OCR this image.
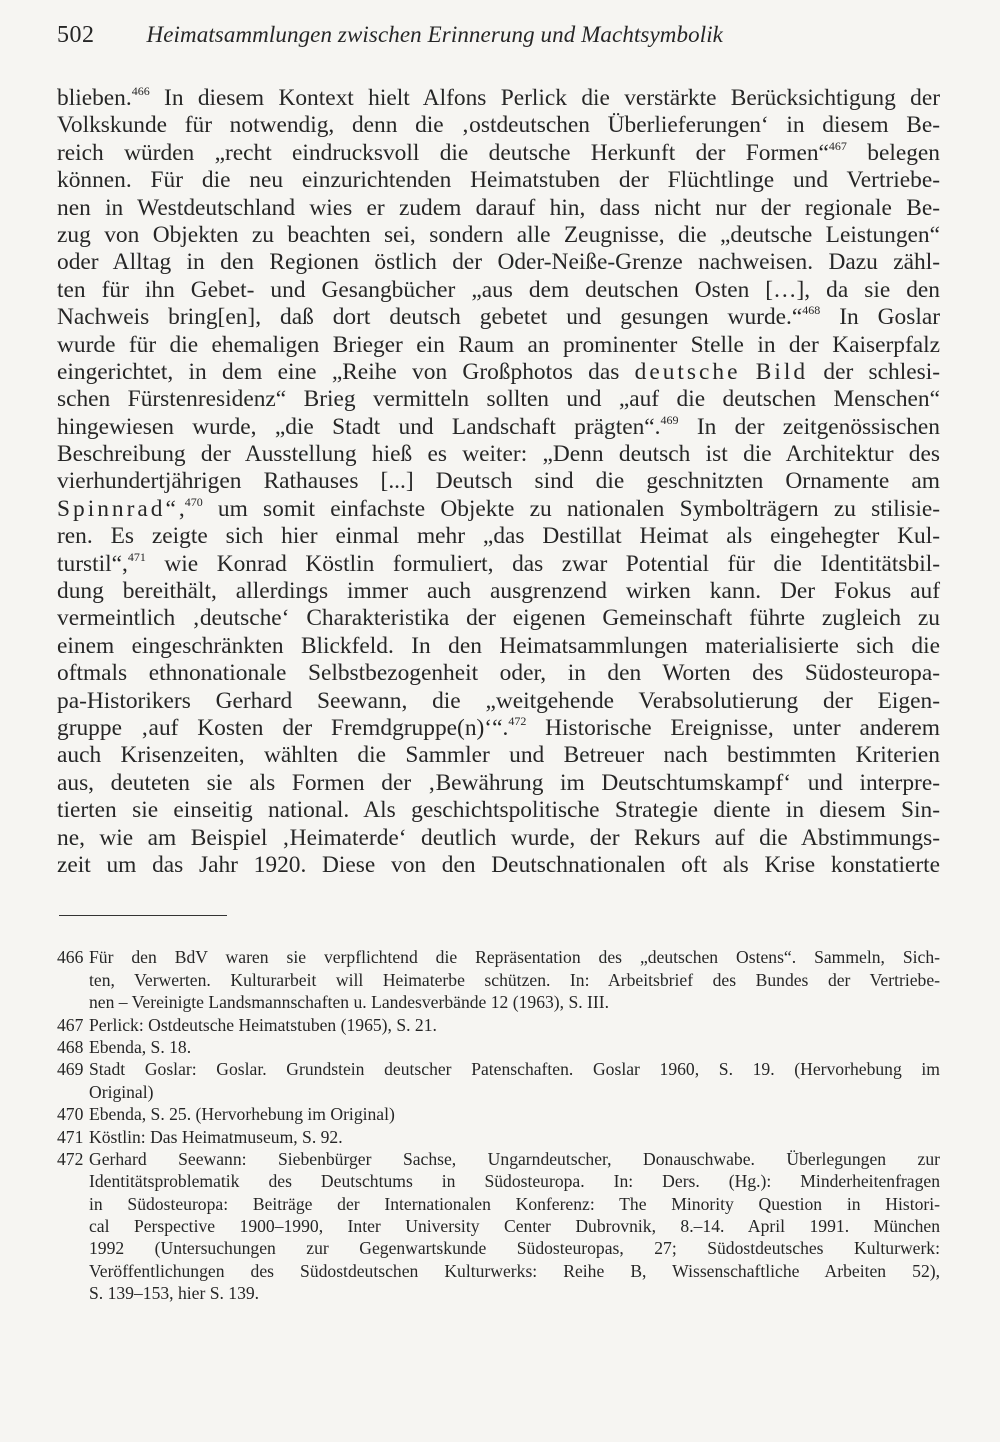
502 Heimatsammlungen zwischen Erinnerung und Machtsymbolik
blieben.$^{466}$ In diesem Kontext hielt Alfons Perlick die verstärkte Berücksichtigung der
Volkskunde für notwendig, denn die ‚ostdeutschen Überlieferungen‘ in diesem Be-
reich würden „recht eindrucksvoll die deutsche Herkunft der Formen“$^{467}$ belegen
können. Für die neu einzurichtenden Heimatstuben der Flüchtlinge und Vertriebe-
nen in Westdeutschland wies er zudem darauf hin, dass nicht nur der regionale Be-
zug von Objekten zu beachten sei, sondern alle Zeugnisse, die „deutsche Leistungen“
oder Alltag in den Regionen östlich der Oder-Neiße-Grenze nachweisen. Dazu zähl-
ten für ihn Gebet- und Gesangbücher „aus dem deutschen Osten […], da sie den
Nachweis bring[en], daß dort deutsch gebetet und gesungen wurde.“$^{468}$ In Goslar
wurde für die ehemaligen Brieger ein Raum an prominenter Stelle in der Kaiserpfalz
eingerichtet, in dem eine „Reihe von Großphotos das deutsche Bild der schlesi-
schen Fürstenresidenz“ Brieg vermitteln sollten und „auf die deutschen Menschen“
hingewiesen wurde, „die Stadt und Landschaft prägten“.$^{469}$ In der zeitgenössischen
Beschreibung der Ausstellung hieß es weiter: „Denn deutsch ist die Architektur des
vierhundertjährigen Rathauses [...] Deutsch sind die geschnitzten Ornamente am
Spinnrad“,$^{470}$ um somit einfachste Objekte zu nationalen Symbolträgern zu stilisie-
ren. Es zeigte sich hier einmal mehr „das Destillat Heimat als eingehegter Kul-
turstil“,$^{471}$ wie Konrad Köstlin formuliert, das zwar Potential für die Identitätsbil-
dung bereithält, allerdings immer auch ausgrenzend wirken kann. Der Fokus auf
vermeintlich ‚deutsche‘ Charakteristika der eigenen Gemeinschaft führte zugleich zu
einem eingeschränkten Blickfeld. In den Heimatsammlungen materialisierte sich die
oftmals ethnonationale Selbstbezogenheit oder, in den Worten des Südosteuropa-
pa-Historikers Gerhard Seewann, die „weitgehende Verabsolutierung der Eigen-
gruppe ‚auf Kosten der Fremdgruppe(n)‘“.$^{472}$ Historische Ereignisse, unter anderem
auch Krisenzeiten, wählten die Sammler und Betreuer nach bestimmten Kriterien
aus, deuteten sie als Formen der ‚Bewährung im Deutschtumskampf‘ und interpre-
tierten sie einseitig national. Als geschichtspolitische Strategie diente in diesem Sin-
ne, wie am Beispiel ‚Heimaterde‘ deutlich wurde, der Rekurs auf die Abstimmungs-
zeit um das Jahr 1920. Diese von den Deutschnationalen oft als Krise konstatierte
466 Für den BdV waren sie verpflichtend die Repräsentation des „deutschen Ostens“. Sammeln, Sich-
ten, Verwerten. Kulturarbeit will Heimaterbe schützen. In: Arbeitsbrief des Bundes der Vertriebe-
nen – Vereinigte Landsmannschaften u. Landesverbände 12 (1963), S. III.
467 Perlick: Ostdeutsche Heimatstuben (1965), S. 21.
468 Ebenda, S. 18.
469 Stadt Goslar: Goslar. Grundstein deutscher Patenschaften. Goslar 1960, S. 19. (Hervorhebung im
Original)
470 Ebenda, S. 25. (Hervorhebung im Original)
471 Köstlin: Das Heimatmuseum, S. 92.
472 Gerhard Seewann: Siebenbürger Sachse, Ungarndeutscher, Donauschwabe. Überlegungen zur
Identitätsproblematik des Deutschtums in Südosteuropa. In: Ders. (Hg.): Minderheitenfragen
in Südosteuropa: Beiträge der Internationalen Konferenz: The Minority Question in Histori-
cal Perspective 1900–1990, Inter University Center Dubrovnik, 8.–14. April 1991. München
1992 (Untersuchungen zur Gegenwartskunde Südosteuropas, 27; Südostdeutsches Kulturwerk:
Veröffentlichungen des Südostdeutschen Kulturwerks: Reihe B, Wissenschaftliche Arbeiten 52),
S. 139–153, hier S. 139.
